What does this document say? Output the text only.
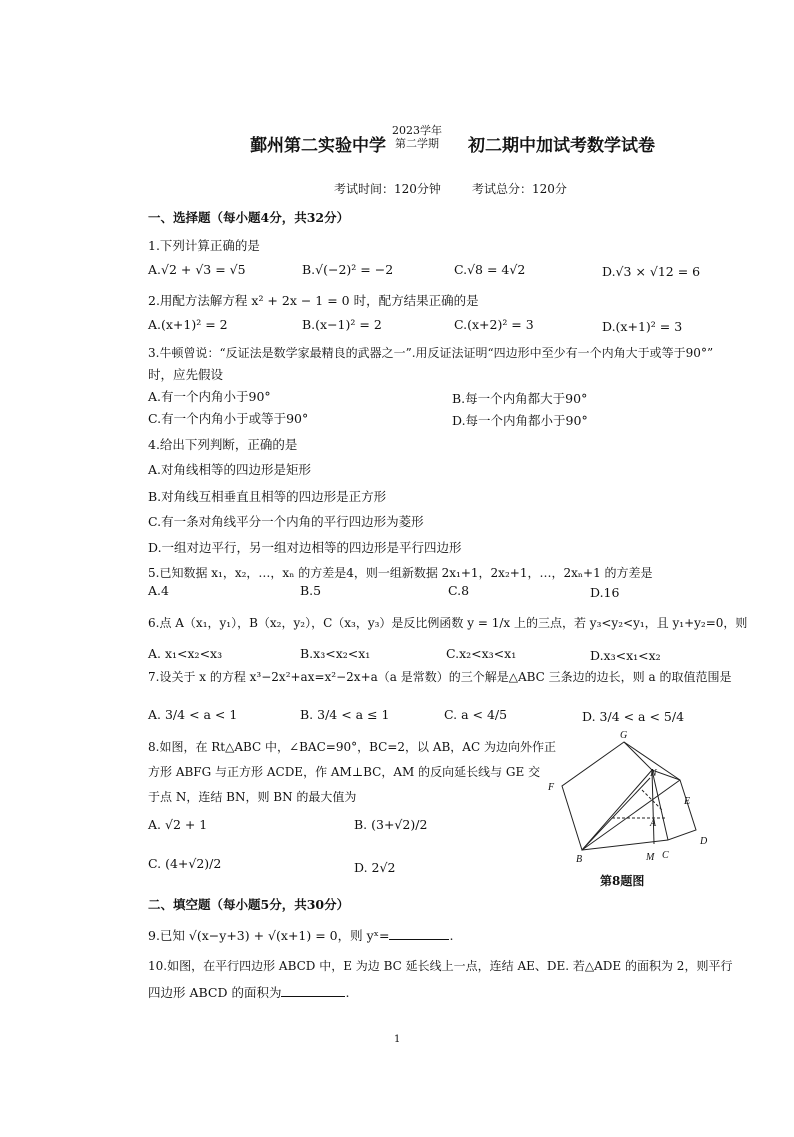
鄞州第二实验中学
2023学年
第二学期 初二期中加试考数学试卷
考试时间：120分钟	考试总分：120分
一、选择题（每小题4分，共32分）
1.下列计算正确的是
A.√2 + √3 = √5	B.√(−2)² = −2	C.√8 = 4√2	D.√3 × √12 = 6
2.用配方法解方程 x² + 2x − 1 = 0 时，配方结果正确的是
A.(x+1)² = 2	B.(x−1)² = 2	C.(x+2)² = 3	D.(x+1)² = 3
3.牛顿曾说：“反证法是数学家最精良的武器之一”.用反证法证明“四边形中至少有一个内角大于或等于90°”
时，应先假设
A.有一个内角小于90°	B.每一个内角都大于90°
C.有一个内角小于或等于90°	D.每一个内角都小于90°
4.给出下列判断，正确的是
A.对角线相等的四边形是矩形
B.对角线互相垂直且相等的四边形是正方形
C.有一条对角线平分一个内角的平行四边形为菱形
D.一组对边平行，另一组对边相等的四边形是平行四边形
5.已知数据 x₁，x₂，…，xₙ 的方差是4，则一组新数据 2x₁+1，2x₂+1，…，2xₙ+1 的方差是
A.4	B.5	C.8	D.16
6.点 A（x₁，y₁），B（x₂，y₂），C（x₃，y₃）是反比例函数 y = 1/x 上的三点，若 y₃<y₂<y₁，且 y₁+y₂=0，则
A. x₁<x₂<x₃	B.x₃<x₂<x₁	C.x₂<x₃<x₁	D.x₃<x₁<x₂
7.设关于 x 的方程 x³−2x²+ax=x²−2x+a（a 是常数）的三个解是△ABC 三条边的边长，则 a 的取值范围是
A. 3/4 < a < 1	B. 3/4 < a ≤ 1	C. a < 4/5	D. 3/4 < a < 5/4
8.如图，在 Rt△ABC 中，∠BAC=90°，BC=2，以 AB，AC 为边向外作正
方形 ABFG 与正方形 ACDE，作 AM⊥BC，AM 的反向延长线与 GE 交
于点 N，连结 BN，则 BN 的最大值为
A. √2 + 1	B. (3+√2)/2
C. (4+√2)/2	D. 2√2
G
F
N
E
A
D
B	M C
第8题图
二、填空题（每小题5分，共30分）
9.已知 √(x−y+3) + √(x+1) = 0，则 yˣ=	.
10.如图，在平行四边形 ABCD 中，E 为边 BC 延长线上一点，连结 AE、DE. 若△ADE 的面积为 2，则平行
四边形 ABCD 的面积为	.
1
